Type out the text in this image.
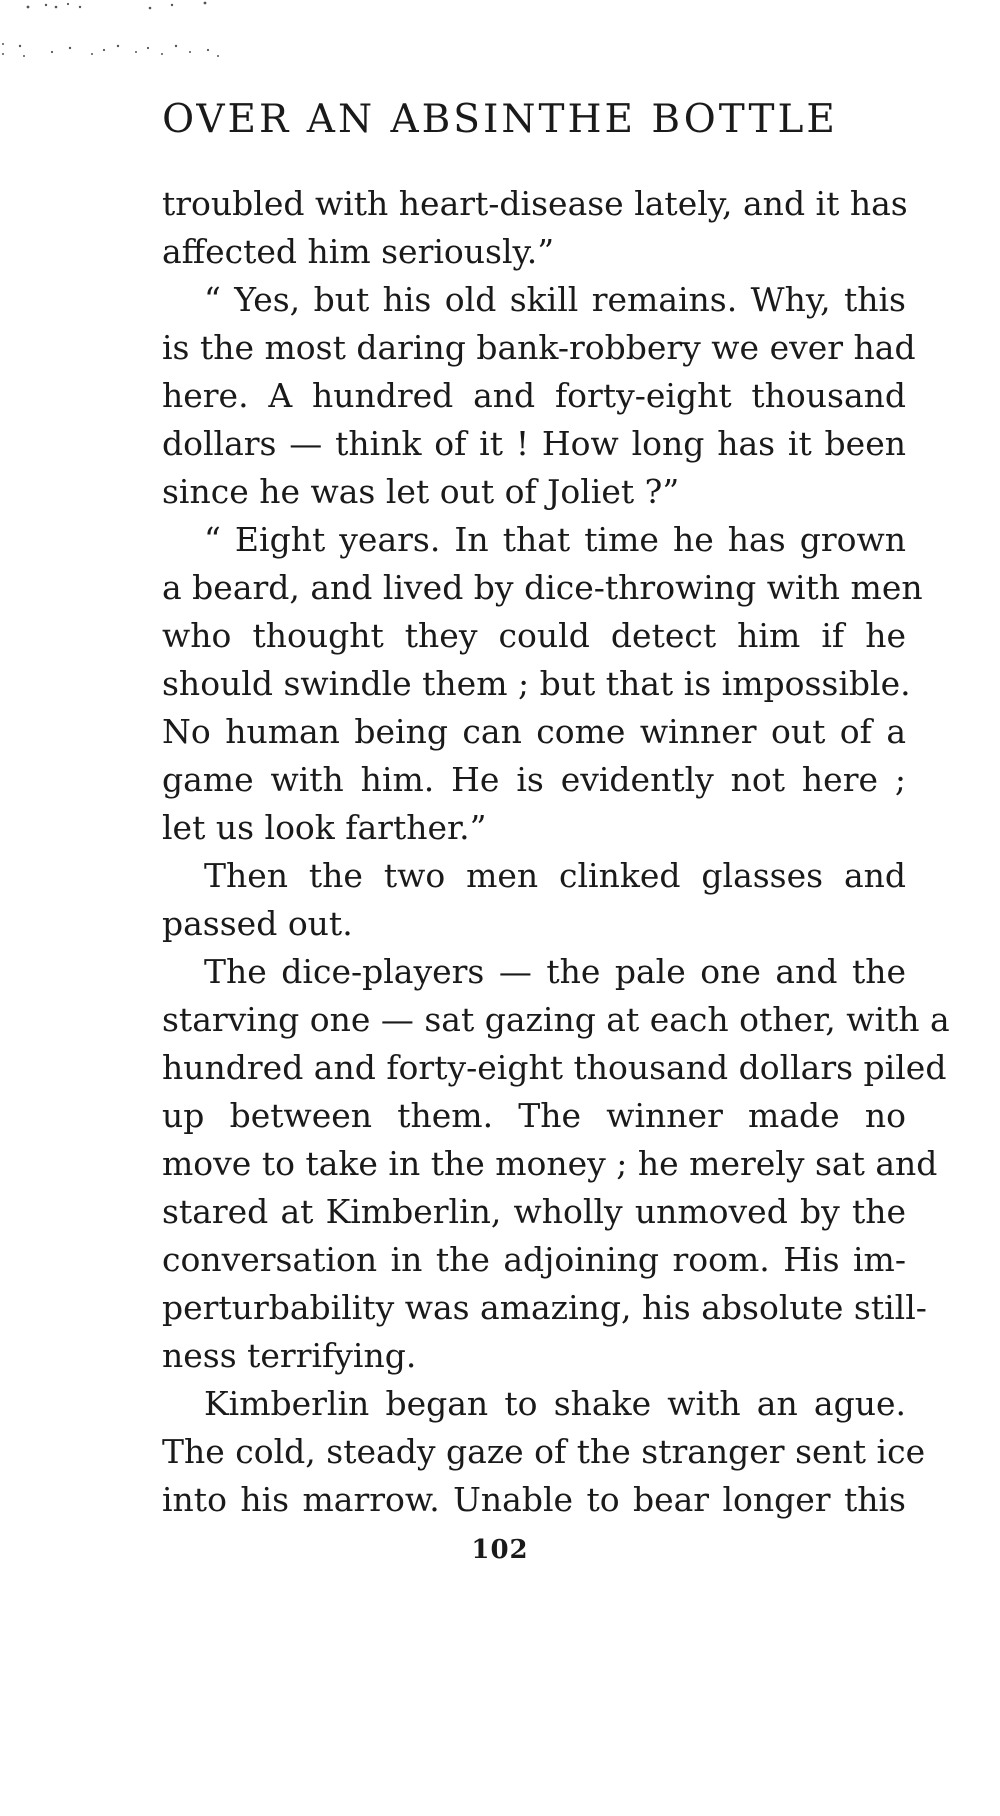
OVER AN ABSINTHE BOTTLE
troubled with heart-disease lately, and it has
affected him seriously.”
“ Yes, but his old skill remains. Why, this
is the most daring bank-robbery we ever had
here. A hundred and forty-eight thousand
dollars — think of it ! How long has it been
since he was let out of Joliet ?”
“ Eight years. In that time he has grown
a beard, and lived by dice-throwing with men
who thought they could detect him if he
should swindle them ; but that is impossible.
No human being can come winner out of a
game with him. He is evidently not here ;
let us look farther.”
Then the two men clinked glasses and
passed out.
The dice-players — the pale one and the
starving one — sat gazing at each other, with a
hundred and forty-eight thousand dollars piled
up between them. The winner made no
move to take in the money ; he merely sat and
stared at Kimberlin, wholly unmoved by the
conversation in the adjoining room. His im-
perturbability was amazing, his absolute still-
ness terrifying.
Kimberlin began to shake with an ague.
The cold, steady gaze of the stranger sent ice
into his marrow. Unable to bear longer this
102
